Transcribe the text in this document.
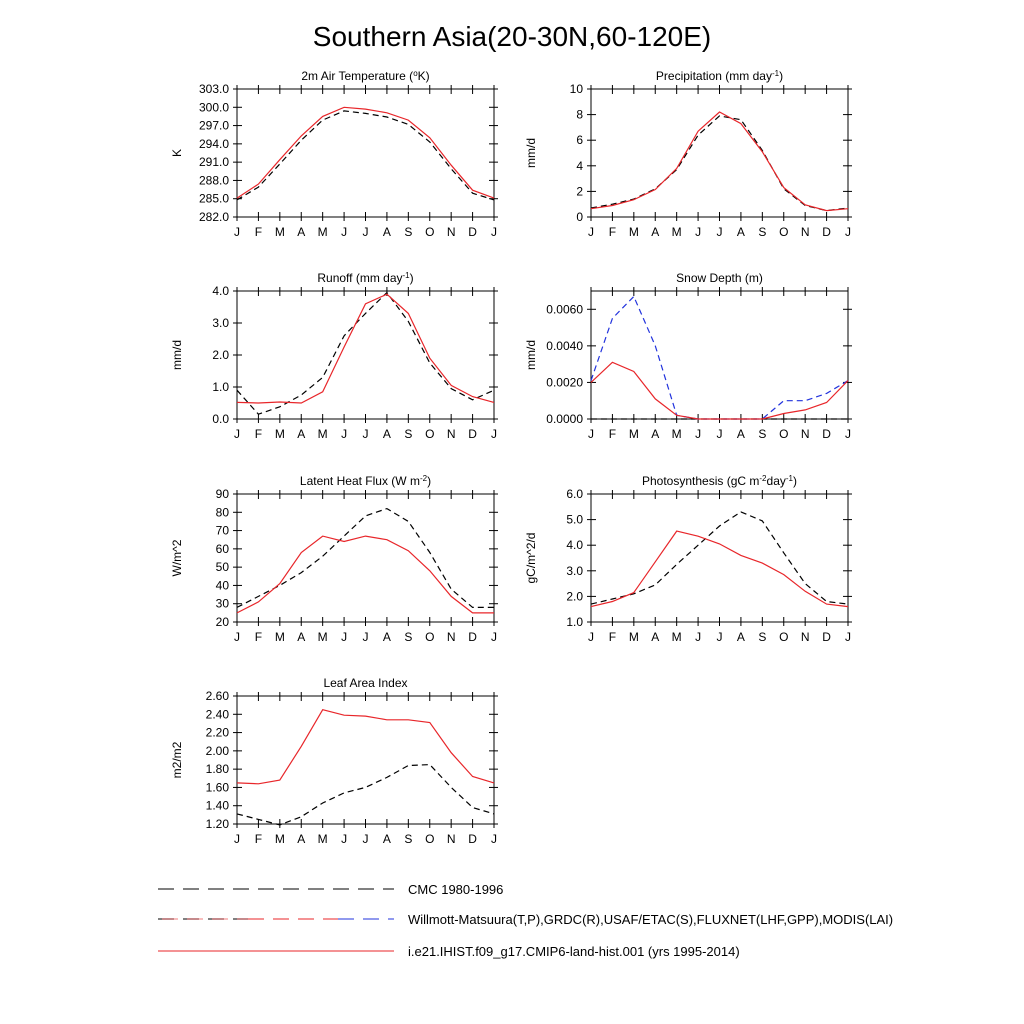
Southern Asia(20-30N,60-120E)
J F M A M J J A S O N D J
282.0
285.0
288.0
291.0
294.0
297.0
300.0
303.0
K
2m Air Temperature ($^o$K)
J F M A M J J A S O N D J
0
2
4
6
8
10
mm/d
Precipitation (mm day$^{-1}$)
J F M A M J J A S O N D J
0.0
1.0
2.0
3.0
4.0
mm/d
Runoff (mm day$^{-1}$)
J F M A M J J A S O N D J
0.0000
0.0020
0.0040
0.0060
mm/d
Snow Depth (m)
J F M A M J J A S O N D J
20
30
40
50
60
70
80
90
W/m^2
Latent Heat Flux (W $m^{-2}$)
J F M A M J J A S O N D J
1.0
2.0
3.0
4.0
5.0
6.0
gC/m^2/d
Photosynthesis (gC $m^{-2}day^{-1}$)
J F M A M J J A S O N D J
1.20
1.40
1.60
1.80
2.00
2.20
2.40
2.60
m2/m2
Leaf Area Index
CMC 1980-1996
Willmott-Matsuura(T,P),GRDC(R),USAF/ETAC(S),FLUXNET(LHF,GPP),MODIS(LAI)
i.e21.IHIST.f09_g17.CMIP6-land-hist.001 (yrs 1995-2014)
